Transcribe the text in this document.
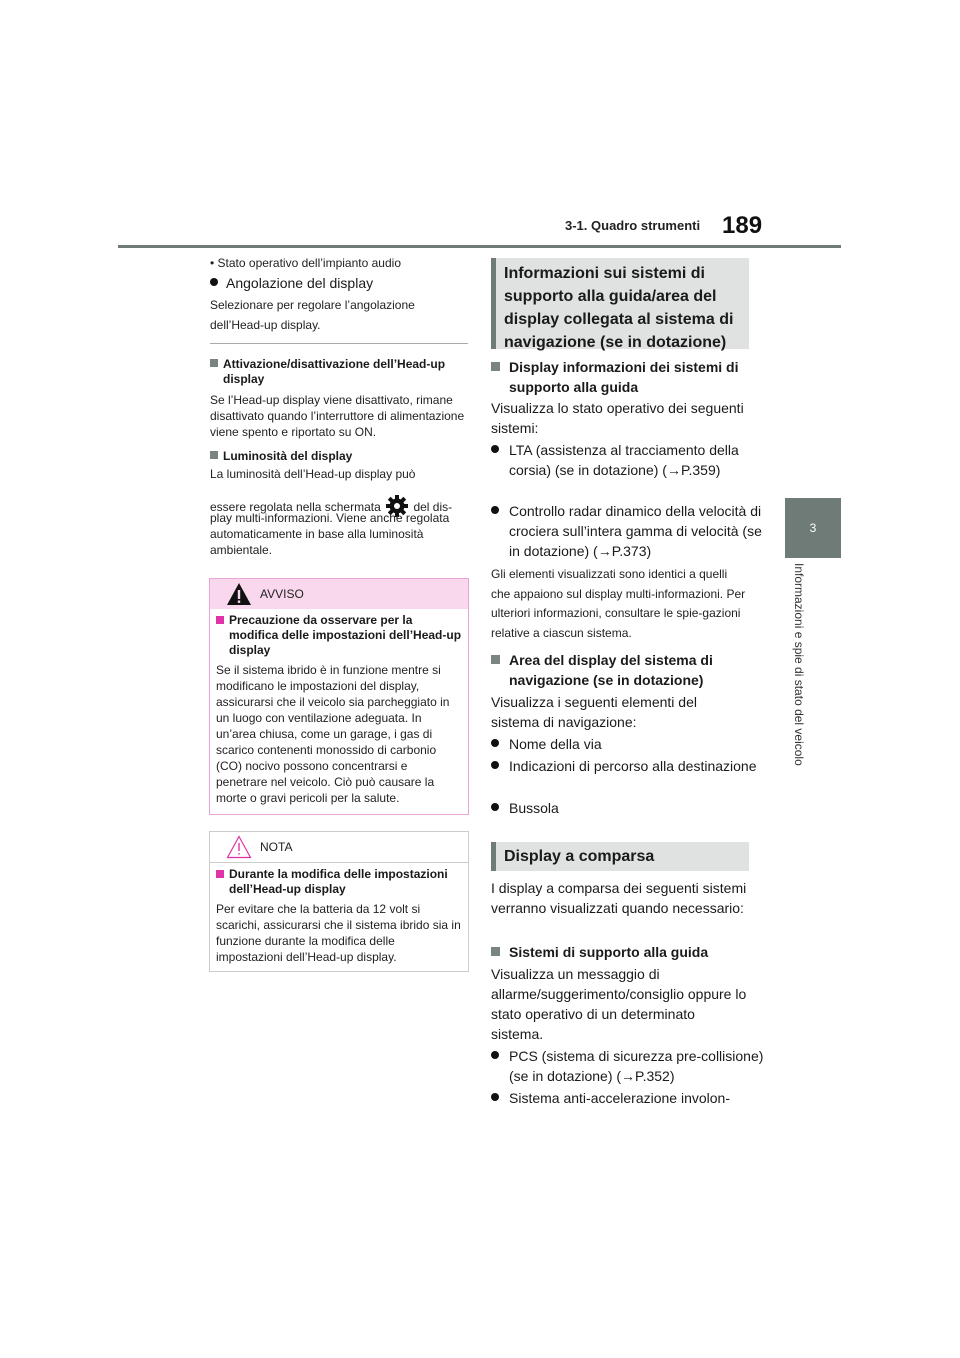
3-1. Quadro strumenti 189
3
Informazioni e spie di stato del veicolo
• Stato operativo dell’impianto audio
Angolazione del display
Selezionare per regolare l’angolazione
dell’Head-up display.
Attivazione/disattivazione dell’Head-up display
Se l’Head-up display viene disattivato, rimane disattivato quando l’interruttore di alimentazione viene spento e riportato su ON.
Luminosità del display
La luminosità dell’Head-up display può
essere regolata nella schermata	del dis-
play multi-informazioni. Viene anche regolata automaticamente in base alla luminosità ambientale.
AVVISO
Precauzione da osservare per la modifica delle impostazioni dell’Head-up display
Se il sistema ibrido è in funzione mentre si modificano le impostazioni del display, assicurarsi che il veicolo sia parcheggiato in un luogo con ventilazione adeguata. In un’area chiusa, come un garage, i gas di scarico contenenti monossido di carbonio (CO) nocivo possono concentrarsi e penetrare nel veicolo. Ciò può causare la morte o gravi pericoli per la salute.
NOTA
Durante la modifica delle impostazioni dell’Head-up display
Per evitare che la batteria da 12 volt si scarichi, assicurarsi che il sistema ibrido sia in funzione durante la modifica delle impostazioni dell’Head-up display.
Informazioni sui sistemi di supporto alla guida/area del display collegata al sistema di navigazione (se in dotazione)
Display informazioni dei sistemi di supporto alla guida
Visualizza lo stato operativo dei seguenti sistemi:
LTA (assistenza al tracciamento della corsia) (se in dotazione) (→P.359)
Controllo radar dinamico della velocità di crociera sull’intera gamma di velocità (se in dotazione) (→P.373)
Gli elementi visualizzati sono identici a quelli che appaiono sul display multi-informazioni. Per ulteriori informazioni, consultare le spie-gazioni relative a ciascun sistema.
Area del display del sistema di navigazione (se in dotazione)
Visualizza i seguenti elementi del sistema di navigazione:
Nome della via
Indicazioni di percorso alla destinazione
Bussola
Display a comparsa
I display a comparsa dei seguenti sistemi verranno visualizzati quando necessario:
Sistemi di supporto alla guida
Visualizza un messaggio di allarme/suggerimento/consiglio oppure lo stato operativo di un determinato sistema.
PCS (sistema di sicurezza pre-collisione) (se in dotazione) (→P.352)
Sistema anti-accelerazione involon-
